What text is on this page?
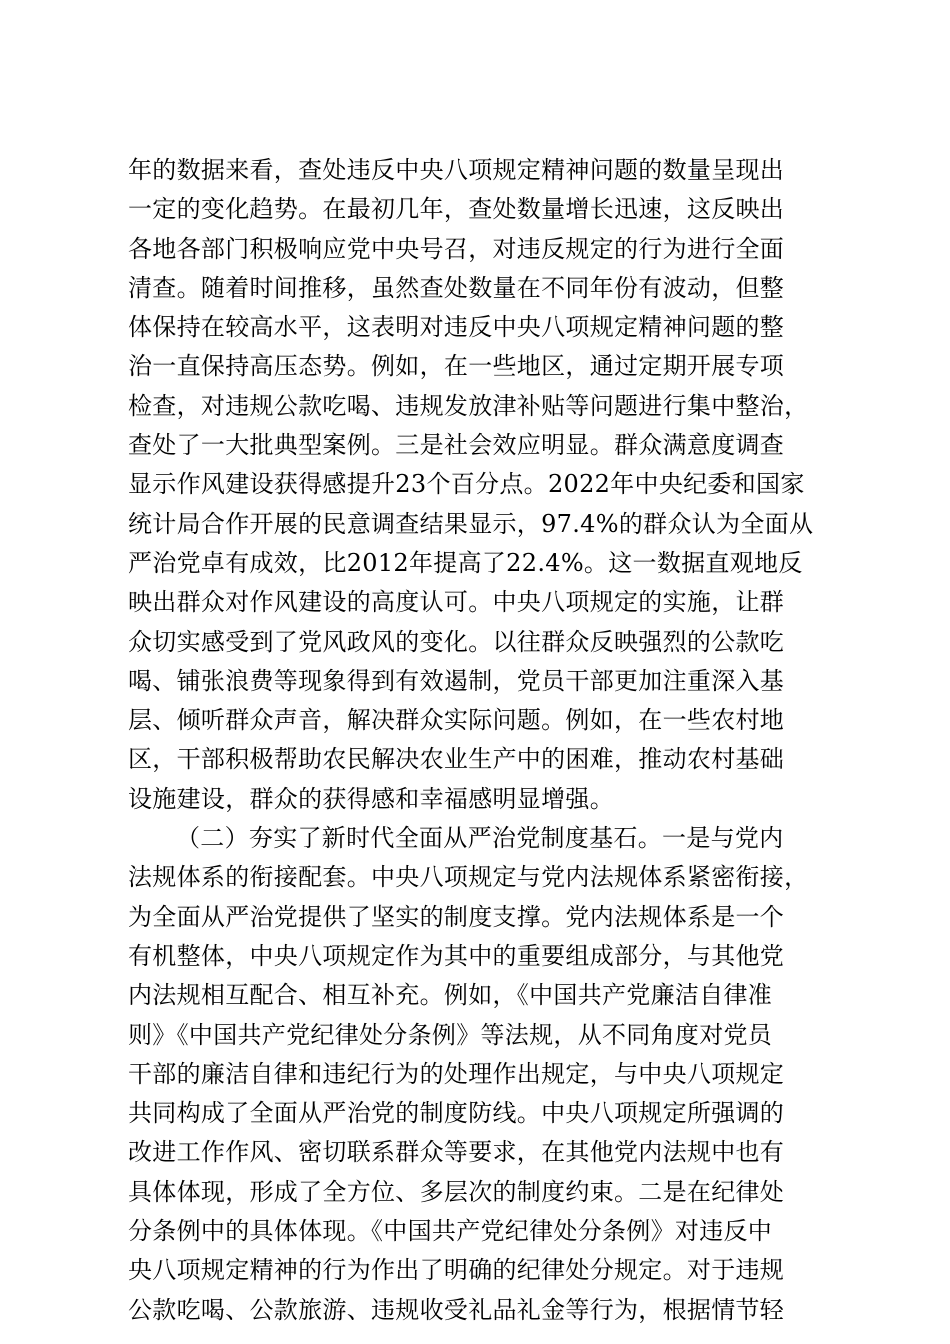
年的数据来看，查处违反中央八项规定精神问题的数量呈现出
一定的变化趋势。在最初几年，查处数量增长迅速，这反映出
各地各部门积极响应党中央号召，对违反规定的行为进行全面
清查。随着时间推移，虽然查处数量在不同年份有波动，但整
体保持在较高水平，这表明对违反中央八项规定精神问题的整
治一直保持高压态势。例如，在一些地区，通过定期开展专项
检查，对违规公款吃喝、违规发放津补贴等问题进行集中整治，
查处了一大批典型案例。三是社会效应明显。群众满意度调查
显示作风建设获得感提升23个百分点。2022年中央纪委和国家
统计局合作开展的民意调查结果显示，97.4%的群众认为全面从
严治党卓有成效，比2012年提高了22.4%。这一数据直观地反
映出群众对作风建设的高度认可。中央八项规定的实施，让群
众切实感受到了党风政风的变化。以往群众反映强烈的公款吃
喝、铺张浪费等现象得到有效遏制，党员干部更加注重深入基
层、倾听群众声音，解决群众实际问题。例如，在一些农村地
区，干部积极帮助农民解决农业生产中的困难，推动农村基础
设施建设，群众的获得感和幸福感明显增强。
（二）夯实了新时代全面从严治党制度基石。一是与党内
法规体系的衔接配套。中央八项规定与党内法规体系紧密衔接，
为全面从严治党提供了坚实的制度支撑。党内法规体系是一个
有机整体，中央八项规定作为其中的重要组成部分，与其他党
内法规相互配合、相互补充。例如，《中国共产党廉洁自律准
则》《中国共产党纪律处分条例》等法规，从不同角度对党员
干部的廉洁自律和违纪行为的处理作出规定，与中央八项规定
共同构成了全面从严治党的制度防线。中央八项规定所强调的
改进工作作风、密切联系群众等要求，在其他党内法规中也有
具体体现，形成了全方位、多层次的制度约束。二是在纪律处
分条例中的具体体现。《中国共产党纪律处分条例》对违反中
央八项规定精神的行为作出了明确的纪律处分规定。对于违规
公款吃喝、公款旅游、违规收受礼品礼金等行为，根据情节轻
